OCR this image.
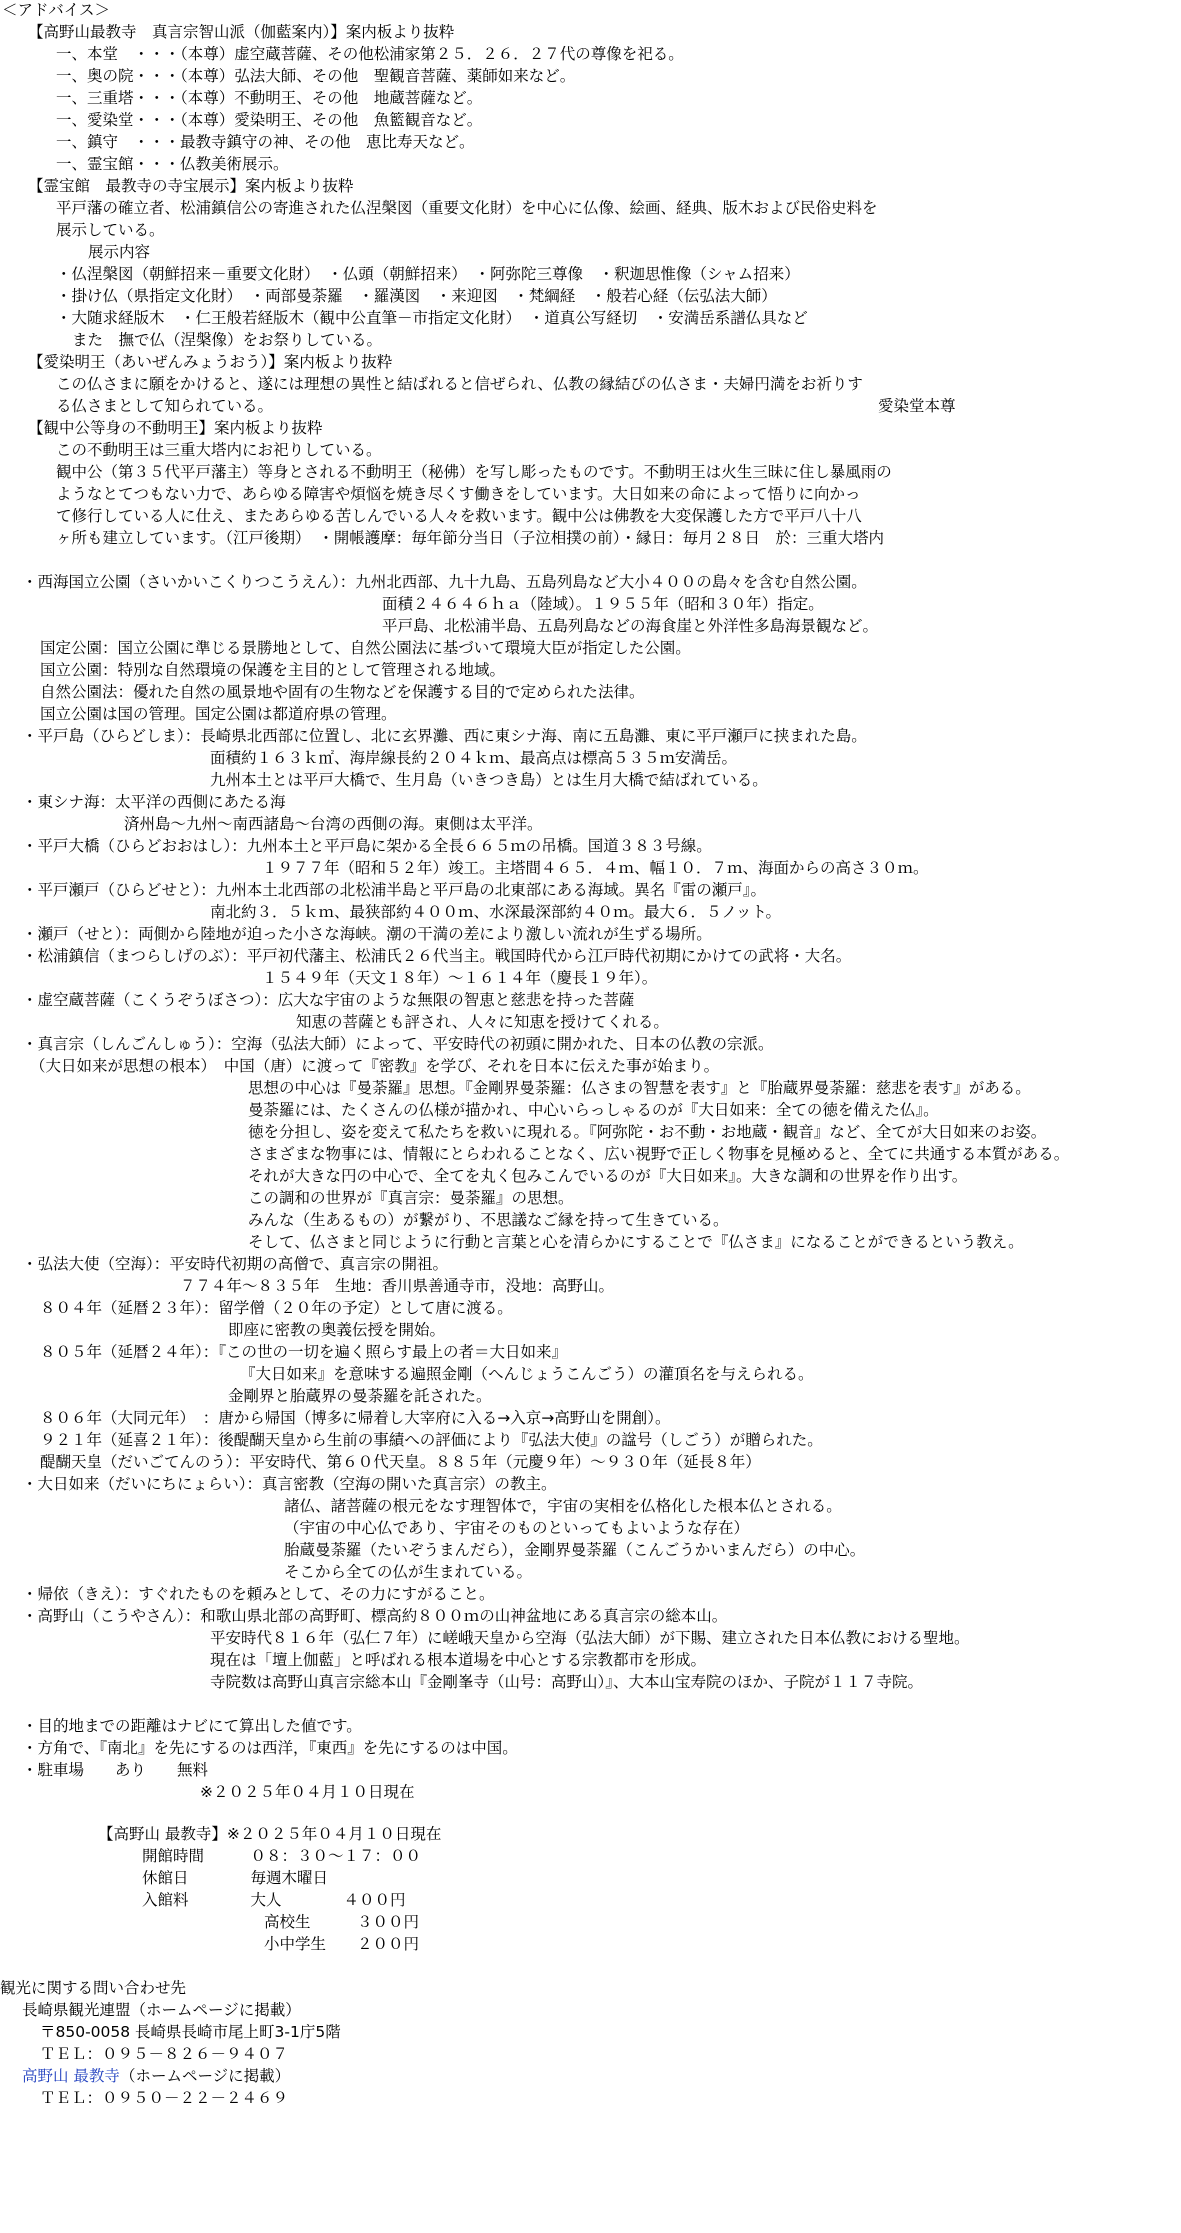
＜アドバイス＞
【高野山最教寺　真言宗智山派（伽藍案内）】案内板より抜粋
一、本堂　・・・（本尊）虚空蔵菩薩、その他松浦家第２５．２６．２７代の尊像を祀る。
一、奥の院・・・（本尊）弘法大師、その他　聖観音菩薩、薬師如来など。
一、三重塔・・・（本尊）不動明王、その他　地蔵菩薩など。
一、愛染堂・・・（本尊）愛染明王、その他　魚籃観音など。
一、鎮守　・・・最教寺鎮守の神、その他　恵比寿天など。
一、霊宝館・・・仏教美術展示。
【霊宝館　最教寺の寺宝展示】案内板より抜粋
平戸藩の確立者、松浦鎮信公の寄進された仏涅槃図（重要文化財）を中心に仏像、絵画、経典、版木および民俗史料を
展示している。
展示内容
・仏涅槃図（朝鮮招来－重要文化財）　・仏頭（朝鮮招来）　・阿弥陀三尊像　・釈迦思惟像（シャム招来）
・掛け仏（県指定文化財）　・両部曼荼羅　・羅漢図　・来迎図　・梵綱経　・般若心経（伝弘法大師）
・大随求経版木　・仁王般若経版木（観中公直筆－市指定文化財）　・道真公写経切　・安満岳系譜仏具など
また　撫で仏（涅槃像）をお祭りしている。
【愛染明王（あいぜんみょうおう）】案内板より抜粋
この仏さまに願をかけると、遂には理想の異性と結ばれると信ぜられ、仏教の縁結びの仏さま・夫婦円満をお祈りす
る仏さまとして知られている。	愛染堂本尊
【観中公等身の不動明王】案内板より抜粋
この不動明王は三重大塔内にお祀りしている。
観中公（第３５代平戸藩主）等身とされる不動明王（秘佛）を写し彫ったものです。不動明王は火生三昧に住し暴風雨の
ようなとてつもない力で、あらゆる障害や煩悩を焼き尽くす働きをしています。大日如来の命によって悟りに向かっ
て修行している人に仕え、またあらゆる苦しんでいる人々を救います。観中公は佛教を大変保護した方で平戸八十八
ヶ所も建立しています。（江戸後期）　・開帳護摩：毎年節分当日（子泣相撲の前）・縁日：毎月２８日　於：三重大塔内
・西海国立公園（さいかいこくりつこうえん）：九州北西部、九十九島、五島列島など大小４００の島々を含む自然公園。
面積２４６４６ｈａ（陸域）。１９５５年（昭和３０年）指定。
平戸島、北松浦半島、五島列島などの海食崖と外洋性多島海景観など。
国定公園：国立公園に準じる景勝地として、自然公園法に基づいて環境大臣が指定した公園。
国立公園：特別な自然環境の保護を主目的として管理される地域。
自然公園法：優れた自然の風景地や固有の生物などを保護する目的で定められた法律。
国立公園は国の管理。国定公園は都道府県の管理。
・平戸島（ひらどしま）：長崎県北西部に位置し、北に玄界灘、西に東シナ海、南に五島灘、東に平戸瀬戸に挟まれた島。
面積約１６３ｋ㎡、海岸線長約２０４ｋｍ、最高点は標高５３５ｍ安満岳。
九州本土とは平戸大橋で、生月島（いきつき島）とは生月大橋で結ばれている。
・東シナ海：太平洋の西側にあたる海
済州島～九州～南西諸島～台湾の西側の海。東側は太平洋。
・平戸大橋（ひらどおおはし）：九州本土と平戸島に架かる全長６６５ｍの吊橋。国道３８３号線。
１９７７年（昭和５２年）竣工。主塔間４６５．４ｍ、幅１０．７ｍ、海面からの高さ３０ｍ。
・平戸瀬戸（ひらどせと）：九州本土北西部の北松浦半島と平戸島の北東部にある海域。異名『雷の瀬戸』。
南北約３．５ｋｍ、最狭部約４００ｍ、水深最深部約４０ｍ。最大６．５ノット。
・瀬戸（せと）：両側から陸地が迫った小さな海峡。潮の干満の差により激しい流れが生ずる場所。
・松浦鎮信（まつらしげのぶ）：平戸初代藩主、松浦氏２６代当主。戦国時代から江戸時代初期にかけての武将・大名。
１５４９年（天文１８年）～１６１４年（慶長１９年）。
・虚空蔵菩薩（こくうぞうぼさつ）：広大な宇宙のような無限の智恵と慈悲を持った菩薩
知恵の菩薩とも評され、人々に知恵を授けてくれる。
・真言宗（しんごんしゅう）：空海（弘法大師）によって、平安時代の初頭に開かれた、日本の仏教の宗派。
（大日如来が思想の根本）　中国（唐）に渡って『密教』を学び、それを日本に伝えた事が始まり。
思想の中心は『曼荼羅』思想。『金剛界曼荼羅：仏さまの智慧を表す』と『胎蔵界曼荼羅：慈悲を表す』がある。
曼荼羅には、たくさんの仏様が描かれ、中心いらっしゃるのが『大日如来：全ての徳を備えた仏』。
徳を分担し、姿を変えて私たちを救いに現れる。『阿弥陀・お不動・お地蔵・観音』など、全てが大日如来のお姿。
さまざまな物事には、情報にとらわれることなく、広い視野で正しく物事を見極めると、全てに共通する本質がある。
それが大きな円の中心で、全てを丸く包みこんでいるのが『大日如来』。大きな調和の世界を作り出す。
この調和の世界が『真言宗：曼荼羅』の思想。
みんな（生あるもの）が繋がり、不思議なご縁を持って生きている。
そして、仏さまと同じように行動と言葉と心を清らかにすることで『仏さま』になることができるという教え。
・弘法大使（空海）：平安時代初期の高僧で、真言宗の開祖。
７７４年～８３５年　生地：香川県善通寺市，没地：高野山。
８０４年（延暦２３年）：留学僧（２０年の予定）として唐に渡る。
即座に密教の奥義伝授を開始。
８０５年（延暦２４年）：『この世の一切を遍く照らす最上の者＝大日如来』
『大日如来』を意味する遍照金剛（へんじょうこんごう）の灌頂名を与えられる。
金剛界と胎蔵界の曼荼羅を託された。
８０６年（大同元年）　：唐から帰国（博多に帰着し大宰府に入る→入京→高野山を開創）。
９２１年（延喜２１年）：後醍醐天皇から生前の事績への評価により『弘法大使』の諡号（しごう）が贈られた。
醍醐天皇（だいごてんのう）：平安時代、第６０代天皇。８８５年（元慶９年）～９３０年（延長８年）
・大日如来（だいにちにょらい）：真言密教（空海の開いた真言宗）の教主。
諸仏、諸菩薩の根元をなす理智体で，宇宙の実相を仏格化した根本仏とされる。
（宇宙の中心仏であり、宇宙そのものといってもよいような存在）
胎蔵曼荼羅（たいぞうまんだら），金剛界曼荼羅（こんごうかいまんだら）の中心。
そこから全ての仏が生まれている。
・帰依（きえ）：すぐれたものを頼みとして、その力にすがること。
・高野山（こうやさん）：和歌山県北部の高野町、標高約８００ｍの山神盆地にある真言宗の総本山。
平安時代８１６年（弘仁７年）に嵯峨天皇から空海（弘法大師）が下賜、建立された日本仏教における聖地。
現在は「壇上伽藍」と呼ばれる根本道場を中心とする宗教都市を形成。
寺院数は高野山真言宗総本山『金剛峯寺（山号：高野山）』、大本山宝寿院のほか、子院が１１７寺院。
・目的地までの距離はナビにて算出した値です。
・方角で、『南北』を先にするのは西洋，『東西』を先にするのは中国。
・駐車場　　あり　　無料
※２０２５年０４月１０日現在
【高野山 最教寺】※２０２５年０４月１０日現在
開館時間　　　０８：３０～１７：００
休館日　　　　毎週木曜日
入館料　　　　大人　　　　４００円
高校生　　　３００円
小中学生　　２００円
観光に関する問い合わせ先
長崎県観光連盟（ホームページに掲載）
〒850-0058 長崎県長崎市尾上町3-1庁5階
ＴＥＬ：０９５－８２６－９４０７
高野山 最教寺（ホームページに掲載）
ＴＥＬ：０９５０－２２－２４６９
